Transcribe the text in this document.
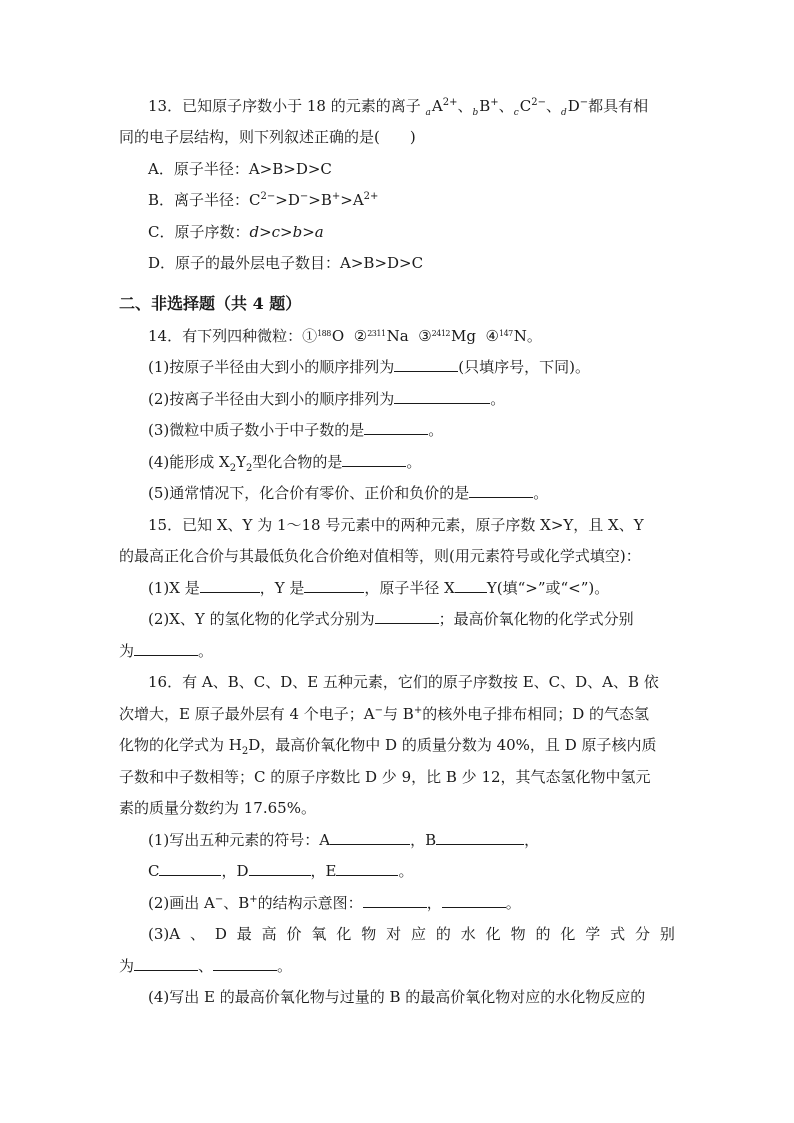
13．已知原子序数小于 18 的元素的离子 $_aA^{2+}$、$_b$B+、$_cC^{2-}$、$_d$D−都具有相
同的电子层结构，则下列叙述正确的是(　　)
A．原子半径：A>B>D>C
B．离子半径：$C^{2-}>D^->B^+>A^{2+}$
C．原子序数：d>c>b>a
D．原子的最外层电子数目：A>B>D>C
二、非选择题（共 4 题）
14．有下列四种微粒：①$^{188}$O ②$^{2311}$Na ③$^{2412}$Mg ④$^{147}$N。
(1)按原子半径由大到小的顺序排列为	(只填序号，下同)。
(2)按离子半径由大到小的顺序排列为	。
(3)微粒中质子数小于中子数的是	。
(4)能形成 $X_2Y_2$型化合物的是	。
(5)通常情况下，化合价有零价、正价和负价的是	。
15．已知 X、Y 为 1～18 号元素中的两种元素，原子序数 X>Y，且 X、Y
的最高正化合价与其最低负化合价绝对值相等，则(用元素符号或化学式填空)：
(1)X 是	，Y 是	，原子半径 X Y(填“>”或“<”)。
(2)X、Y 的氢化物的化学式分别为	；最高价氧化物的化学式分别
为	。
16．有 A、B、C、D、E 五种元素，它们的原子序数按 E、C、D、A、B 依
次增大，E 原子最外层有 4 个电子；A−与 B+的核外电子排布相同；D 的气态氢
化物的化学式为 $H_2D$，最高价氧化物中 D 的质量分数为 40%，且 D 原子核内质
子数和中子数相等；C 的原子序数比 D 少 9，比 B 少 12，其气态氢化物中氢元
素的质量分数约为 17.65%。
(1)写出五种元素的符号：A	，B	，
C	，D	，E	。
(2)画出 A−、B+的结构示意图：	，	。
(3)A 、 D 最 高 价 氧 化 物 对 应 的 水 化 物 的 化 学 式 分 别
为	、	。
(4)写出 E 的最高价氧化物与过量的 B 的最高价氧化物对应的水化物反应的
